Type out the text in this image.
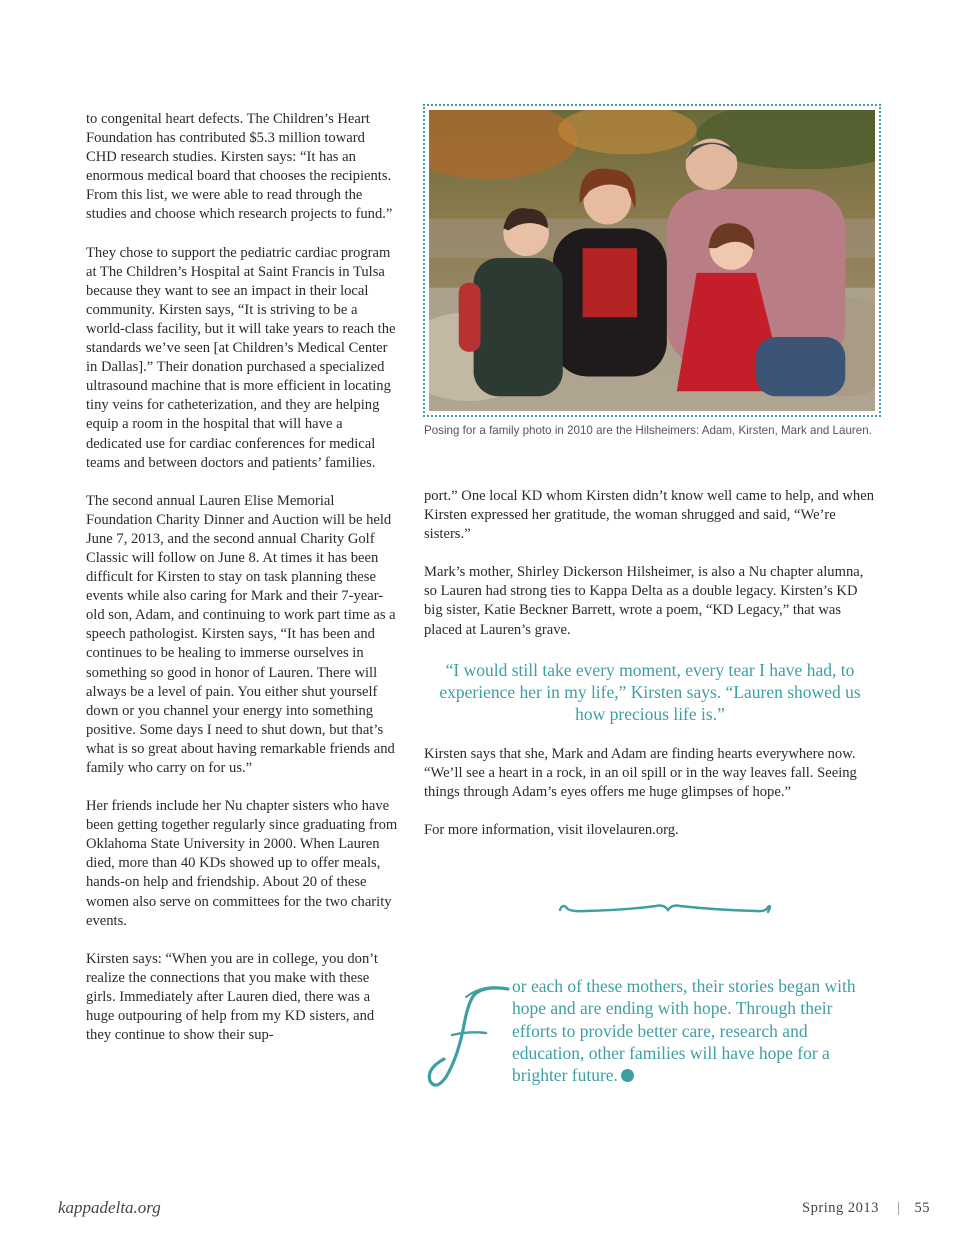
to congenital heart defects. The Children’s Heart Foundation has contributed $5.3 million toward CHD research studies. Kirsten says: “It has an enormous medical board that chooses the recipients. From this list, we were able to read through the studies and choose which research projects to fund.”

They chose to support the pediatric cardiac program at The Children’s Hospital at Saint Francis in Tulsa because they want to see an impact in their local community. Kirsten says, “It is striving to be a world-class facility, but it will take years to reach the standards we’ve seen [at Children’s Medical Center in Dallas].” Their donation purchased a specialized ultrasound machine that is more efficient in locating tiny veins for catheterization, and they are helping equip a room in the hospital that will have a dedicated use for cardiac conferences for medical teams and between doctors and patients’ families.

The second annual Lauren Elise Memorial Foundation Charity Dinner and Auction will be held June 7, 2013, and the second annual Charity Golf Classic will follow on June 8. At times it has been difficult for Kirsten to stay on task planning these events while also caring for Mark and their 7-year-old son, Adam, and continuing to work part time as a speech pathologist. Kirsten says, “It has been and continues to be healing to immerse ourselves in something so good in honor of Lauren. There will always be a level of pain. You either shut yourself down or you channel your energy into something positive. Some days I need to shut down, but that’s what is so great about having remarkable friends and family who carry on for us.”

Her friends include her Nu chapter sisters who have been getting together regularly since graduating from Oklahoma State University in 2000. When Lauren died, more than 40 KDs showed up to offer meals, hands-on help and friendship. About 20 of these women also serve on committees for the two charity events.

Kirsten says: “When you are in college, you don’t realize the connections that you make with these girls. Immediately after Lauren died, there was a huge outpouring of help from my KD sisters, and they continue to show their sup-

Posing for a family photo in 2010 are the Hilsheimers: Adam, Kirsten, Mark and Lauren.

port.” One local KD whom Kirsten didn’t know well came to help, and when Kirsten expressed her gratitude, the woman shrugged and said, “We’re sisters.”

Mark’s mother, Shirley Dickerson Hilsheimer, is also a Nu chapter alumna, so Lauren had strong ties to Kappa Delta as a double legacy. Kirsten’s KD big sister, Katie Beckner Barrett, wrote a poem, “KD Legacy,” that was placed at Lauren’s grave.

“I would still take every moment, every tear I have had, to experience her in my life,” Kirsten says. “Lauren showed us how precious life is.”

Kirsten says that she, Mark and Adam are finding hearts everywhere now. “We’ll see a heart in a rock, in an oil spill or in the way leaves fall. Seeing things through Adam’s eyes offers me huge glimpses of hope.”

For more information, visit ilovelauren.org.

or each of these mothers, their stories began with hope and are ending with hope. Through their efforts to provide better care, research and education, other families will have hope for a brighter future.
kappadelta.org	Spring 2013 | 55
